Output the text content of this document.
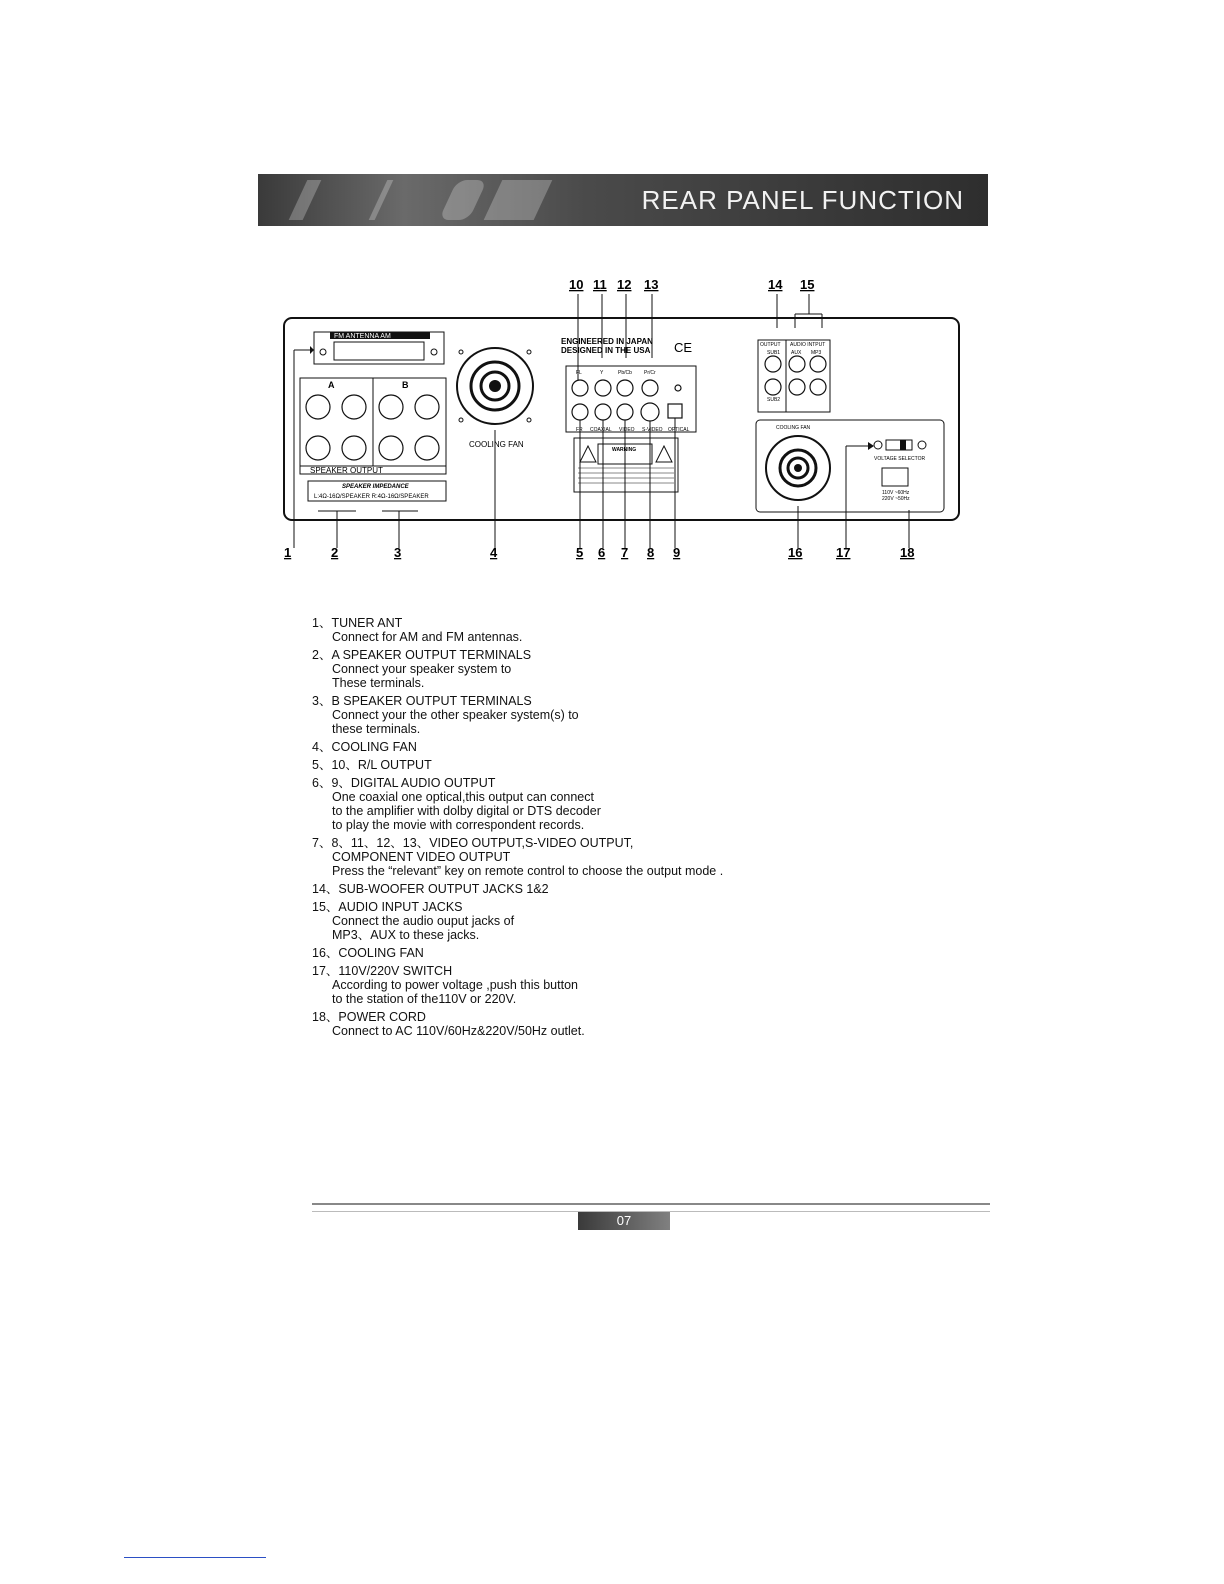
REAR PANEL FUNCTION
10 11 12 13	14 15
FM ANTENNA AM
A	B
SPEAKER OUTPUT
SPEAKER IMPEDANCE
L:4Ω-16Ω/SPEAKER R:4Ω-16Ω/SPEAKER
COOLING FAN
ENGINEERED IN JAPAN
DESIGNED IN THE USA CE
FL	Y	Pb/Cb Pr/Cr
FR COAXIAL VIDEO S-VIDEO OPTICAL
WARNING
OUTPUT AUDIO INTPUT
SUB1 AUX MP3
SUB2
COOLING FAN
VOLTAGE SELECTOR
110V ~60Hz
220V ~50Hz
1	2	3	4	5 6 7 8 9	16	17	18
1、TUNER ANT
Connect for AM and FM antennas.
2、A SPEAKER OUTPUT TERMINALS
Connect your speaker system to
These terminals.
3、B SPEAKER OUTPUT TERMINALS
Connect your the other speaker system(s) to
these terminals.
4、COOLING FAN
5、10、R/L OUTPUT
6、9、DIGITAL AUDIO OUTPUT
One coaxial one optical,this output can connect
to the amplifier with dolby digital or DTS decoder
to play the movie with correspondent records.
7、8、11、12、13、VIDEO OUTPUT,S-VIDEO OUTPUT,
COMPONENT VIDEO OUTPUT
Press the “relevant” key on remote control to choose the output mode .
14、SUB-WOOFER OUTPUT JACKS 1&2
15、AUDIO INPUT JACKS
Connect the audio ouput jacks of
MP3、AUX to these jacks.
16、COOLING FAN
17、110V/220V SWITCH
According to power voltage ,push this button
to the station of the110V or 220V.
18、POWER CORD
Connect to AC 110V/60Hz&220V/50Hz outlet.
07
